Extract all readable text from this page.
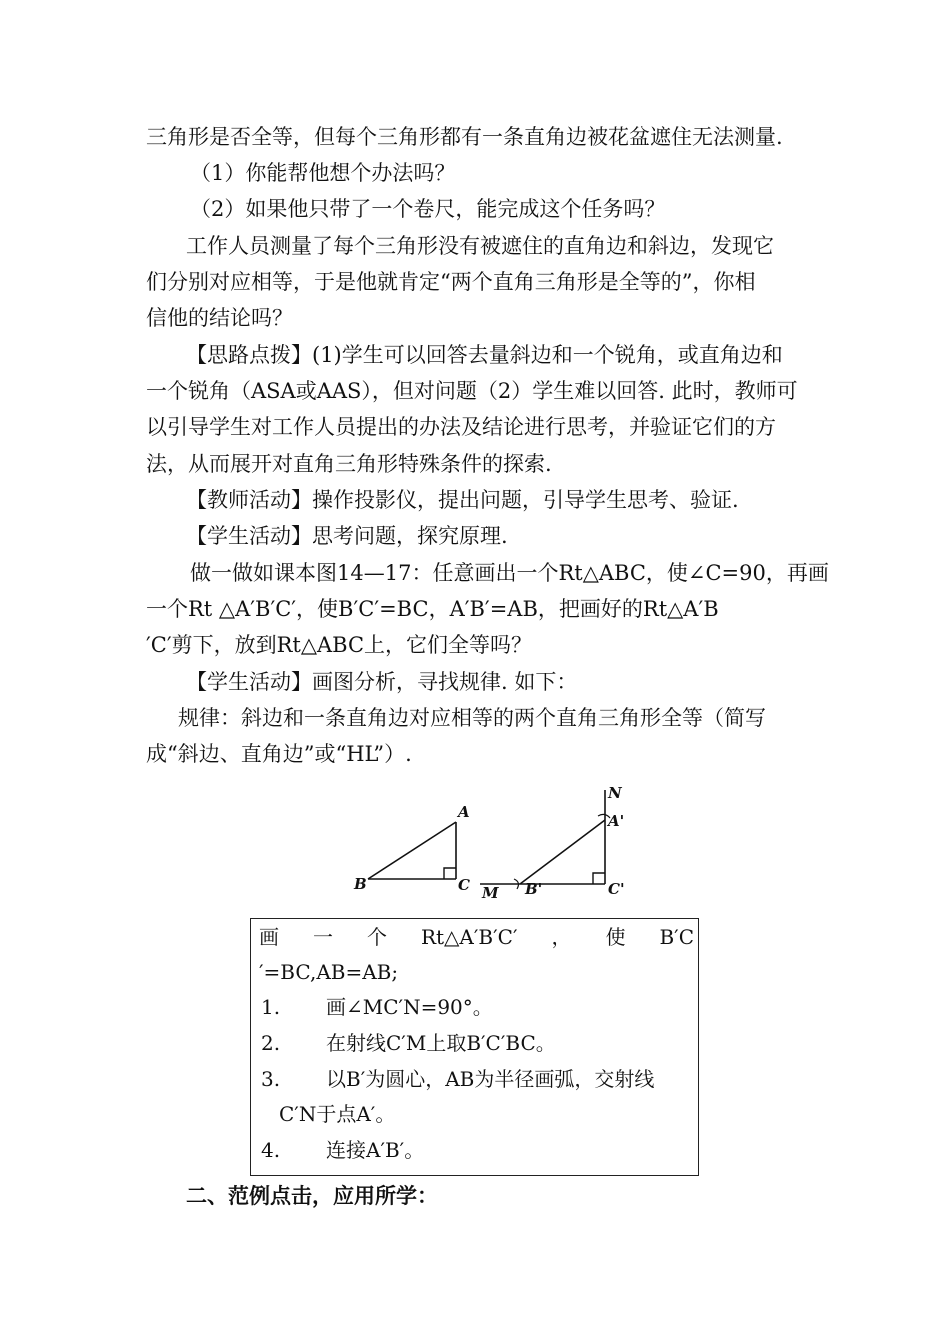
三角形是否全等，但每个三角形都有一条直角边被花盆遮住无法测量.
（1）你能帮他想个办法吗？
（2）如果他只带了一个卷尺，能完成这个任务吗？
工作人员测量了每个三角形没有被遮住的直角边和斜边，发现它
们分别对应相等，于是他就肯定“两个直角三角形是全等的”，你相
信他的结论吗？
【思路点拨】(1)学生可以回答去量斜边和一个锐角，或直角边和
一个锐角（ASA或AAS），但对问题（2）学生难以回答. 此时，教师可
以引导学生对工作人员提出的办法及结论进行思考，并验证它们的方
法，从而展开对直角三角形特殊条件的探索.
【教师活动】操作投影仪，提出问题，引导学生思考、验证.
【学生活动】思考问题，探究原理.
做一做如课本图14—17：任意画出一个Rt△ABC，使∠C=90，再画
一个Rt △A′B′C′，使B′C′=BC，A′B′=AB，把画好的Rt△A′B
′C′剪下，放到Rt△ABC上，它们全等吗？
【学生活动】画图分析，寻找规律. 如下：
规律：斜边和一条直角边对应相等的两个直角三角形全等（简写
成“斜边、直角边”或“HL”）.
A
B	C
N
A'
B'	C'
M
画 一 个 Rt△A′B′C′ ， 使 B′C
′=BC,AB=AB;
1.	画∠MC′N=90°。
2.	在射线C′M上取B′C′BC。
3.	以B′为圆心，AB为半径画弧，交射线
C′N于点A′。
4.	连接A′B′。
二、范例点击，应用所学：
